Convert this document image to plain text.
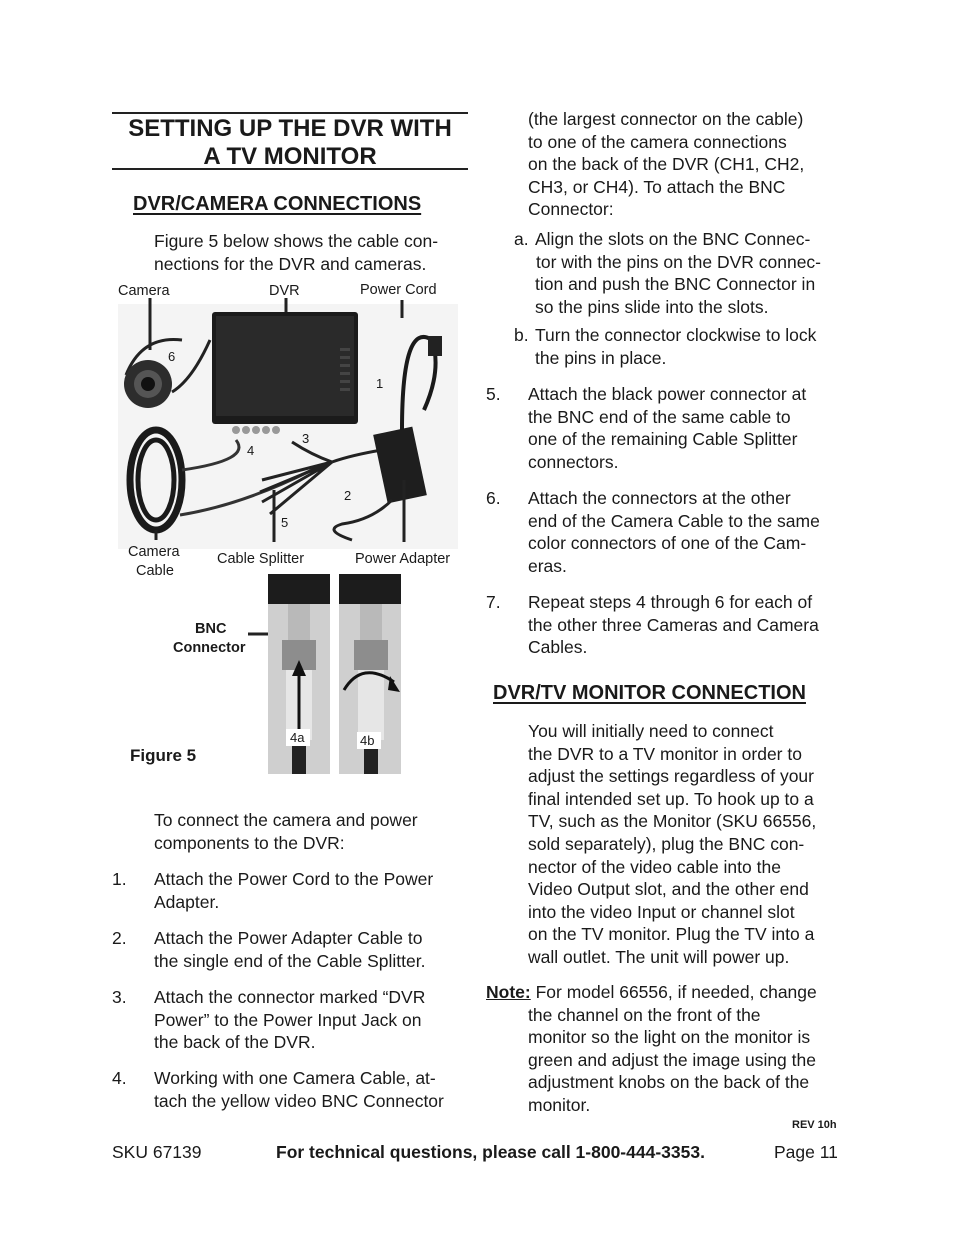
SETTING UP THE DVR WITH
A TV MONITOR
DVR/CAMERA CONNECTIONS
Figure 5 below shows the cable con-
nections for the DVR and cameras.
Camera	DVR	Power Cord
Camera
Cable
Cable Splitter	Power Adapter
BNC
Connector
Figure 5
1
2
3
4
5
6
4a	4b
To connect the camera and power
components to the DVR:
1. Attach the Power Cord to the Power
Adapter.
2. Attach the Power Adapter Cable to
the single end of the Cable Splitter.
3. Attach the connector marked “DVR
Power” to the Power Input Jack on
the back of the DVR.
4. Working with one Camera Cable, at-
tach the yellow video BNC Connector
(the largest connector on the cable)
to one of the camera connections
on the back of the DVR (CH1, CH2,
CH3, or CH4). To attach the BNC
Connector:
a. Align the slots on the BNC Connec-
tor with the pins on the DVR connec-
tion and push the BNC Connector in
so the pins slide into the slots.
b. Turn the connector clockwise to lock
the pins in place.
5. Attach the black power connector at
the BNC end of the same cable to
one of the remaining Cable Splitter
connectors.
6. Attach the connectors at the other
end of the Camera Cable to the same
color connectors of one of the Cam-
eras.
7. Repeat steps 4 through 6 for each of
the other three Cameras and Camera
Cables.
DVR/TV MONITOR CONNECTION
You will initially need to connect
the DVR to a TV monitor in order to
adjust the settings regardless of your
final intended set up. To hook up to a
TV, such as the Monitor (SKU 66556,
sold separately), plug the BNC con-
nector of the video cable into the
Video Output slot, and the other end
into the video Input or channel slot
on the TV monitor. Plug the TV into a
wall outlet. The unit will power up.
Note: For model 66556, if needed, change
the channel on the front of the
monitor so the light on the monitor is
green and adjust the image using the
adjustment knobs on the back of the
monitor.
REV 10h
SKU 67139	For technical questions, please call 1-800-444-3353.	Page 11
